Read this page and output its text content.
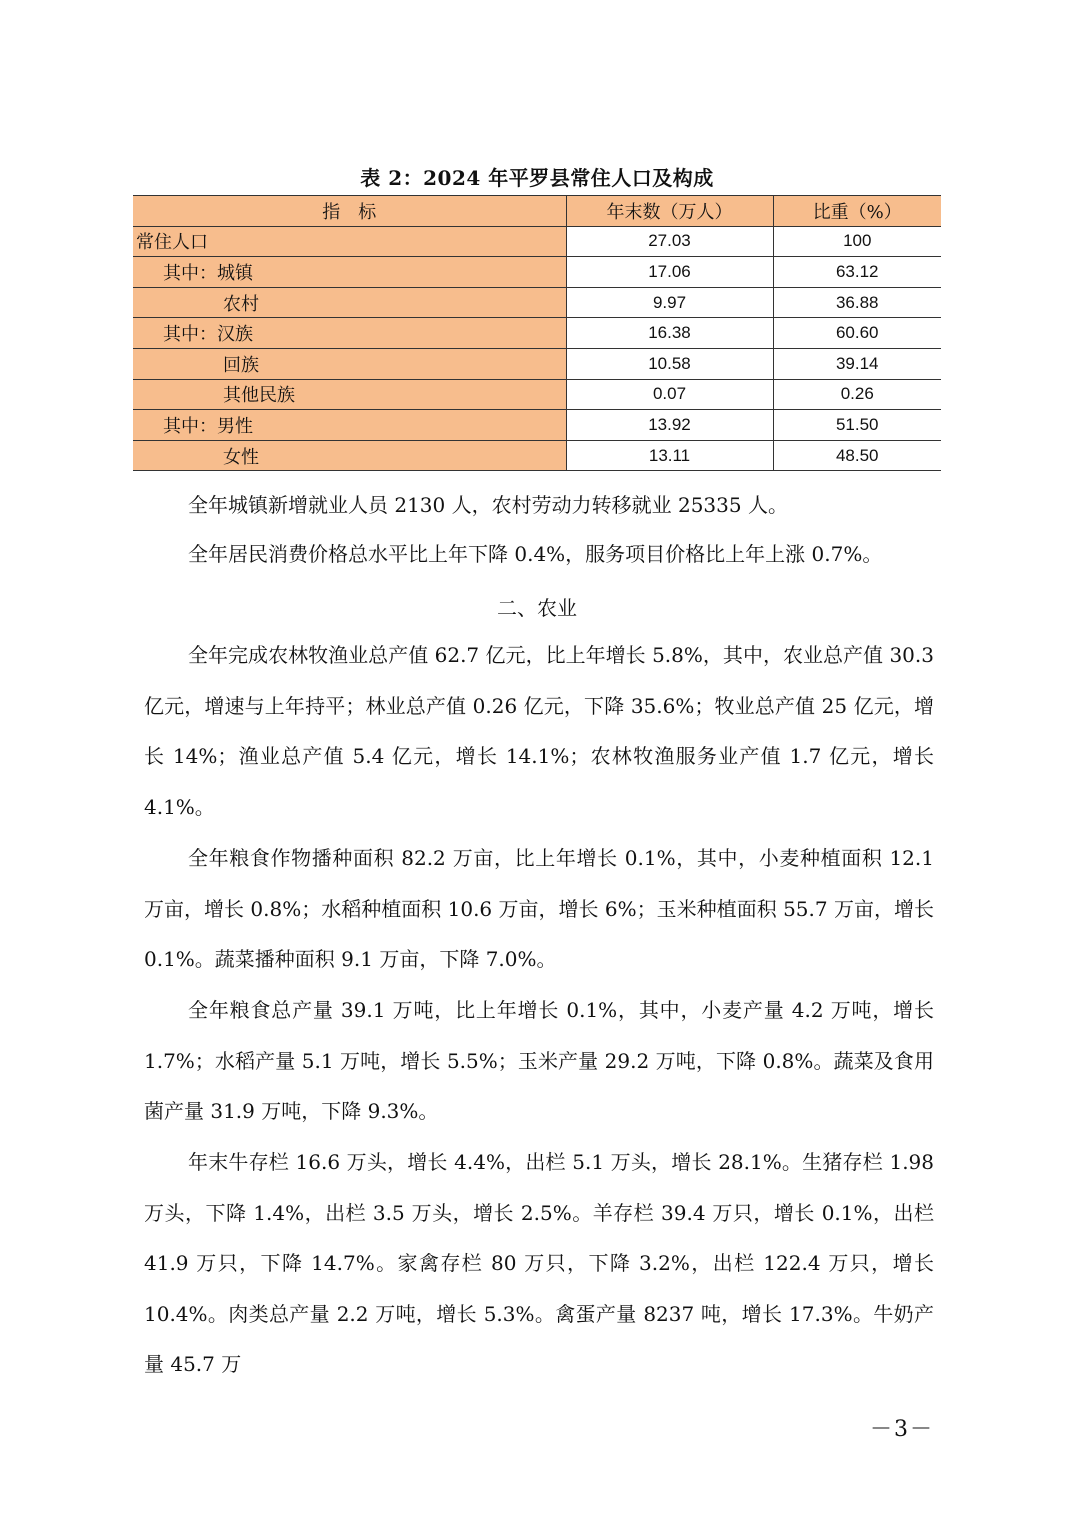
表 2：2024 年平罗县常住人口及构成
指　标	年末数（万人）	比重（%）
常住人口	27.03	100
其中：城镇	17.06	63.12
农村	9.97	36.88
其中：汉族	16.38	60.60
回族	10.58	39.14
其他民族	0.07	0.26
其中：男性	13.92	51.50
女性	13.11	48.50

全年城镇新增就业人员 2130 人，农村劳动力转移就业 25335 人。

全年居民消费价格总水平比上年下降 0.4%，服务项目价格比上年上涨 0.7%。

二、农业

全年完成农林牧渔业总产值 62.7 亿元，比上年增长 5.8%，其中，农业总产值 30.3 亿元，增速与上年持平；林业总产值 0.26 亿元，下降 35.6%；牧业总产值 25 亿元，增长 14%；渔业总产值 5.4 亿元，增长 14.1%；农林牧渔服务业产值 1.7 亿元，增长 4.1%。

全年粮食作物播种面积 82.2 万亩，比上年增长 0.1%，其中，小麦种植面积 12.1 万亩，增长 0.8%；水稻种植面积 10.6 万亩，增长 6%；玉米种植面积 55.7 万亩，增长 0.1%。蔬菜播种面积 9.1 万亩，下降 7.0%。

全年粮食总产量 39.1 万吨，比上年增长 0.1%，其中，小麦产量 4.2 万吨，增长 1.7%；水稻产量 5.1 万吨，增长 5.5%；玉米产量 29.2 万吨，下降 0.8%。蔬菜及食用菌产量 31.9 万吨，下降 9.3%。

年末牛存栏 16.6 万头，增长 4.4%，出栏 5.1 万头，增长 28.1%。生猪存栏 1.98 万头，下降 1.4%，出栏 3.5 万头，增长 2.5%。羊存栏 39.4 万只，增长 0.1%，出栏 41.9 万只，下降 14.7%。家禽存栏 80 万只，下降 3.2%，出栏 122.4 万只，增长 10.4%。肉类总产量 2.2 万吨，增长 5.3%。禽蛋产量 8237 吨，增长 17.3%。牛奶产量 45.7 万

－3－
